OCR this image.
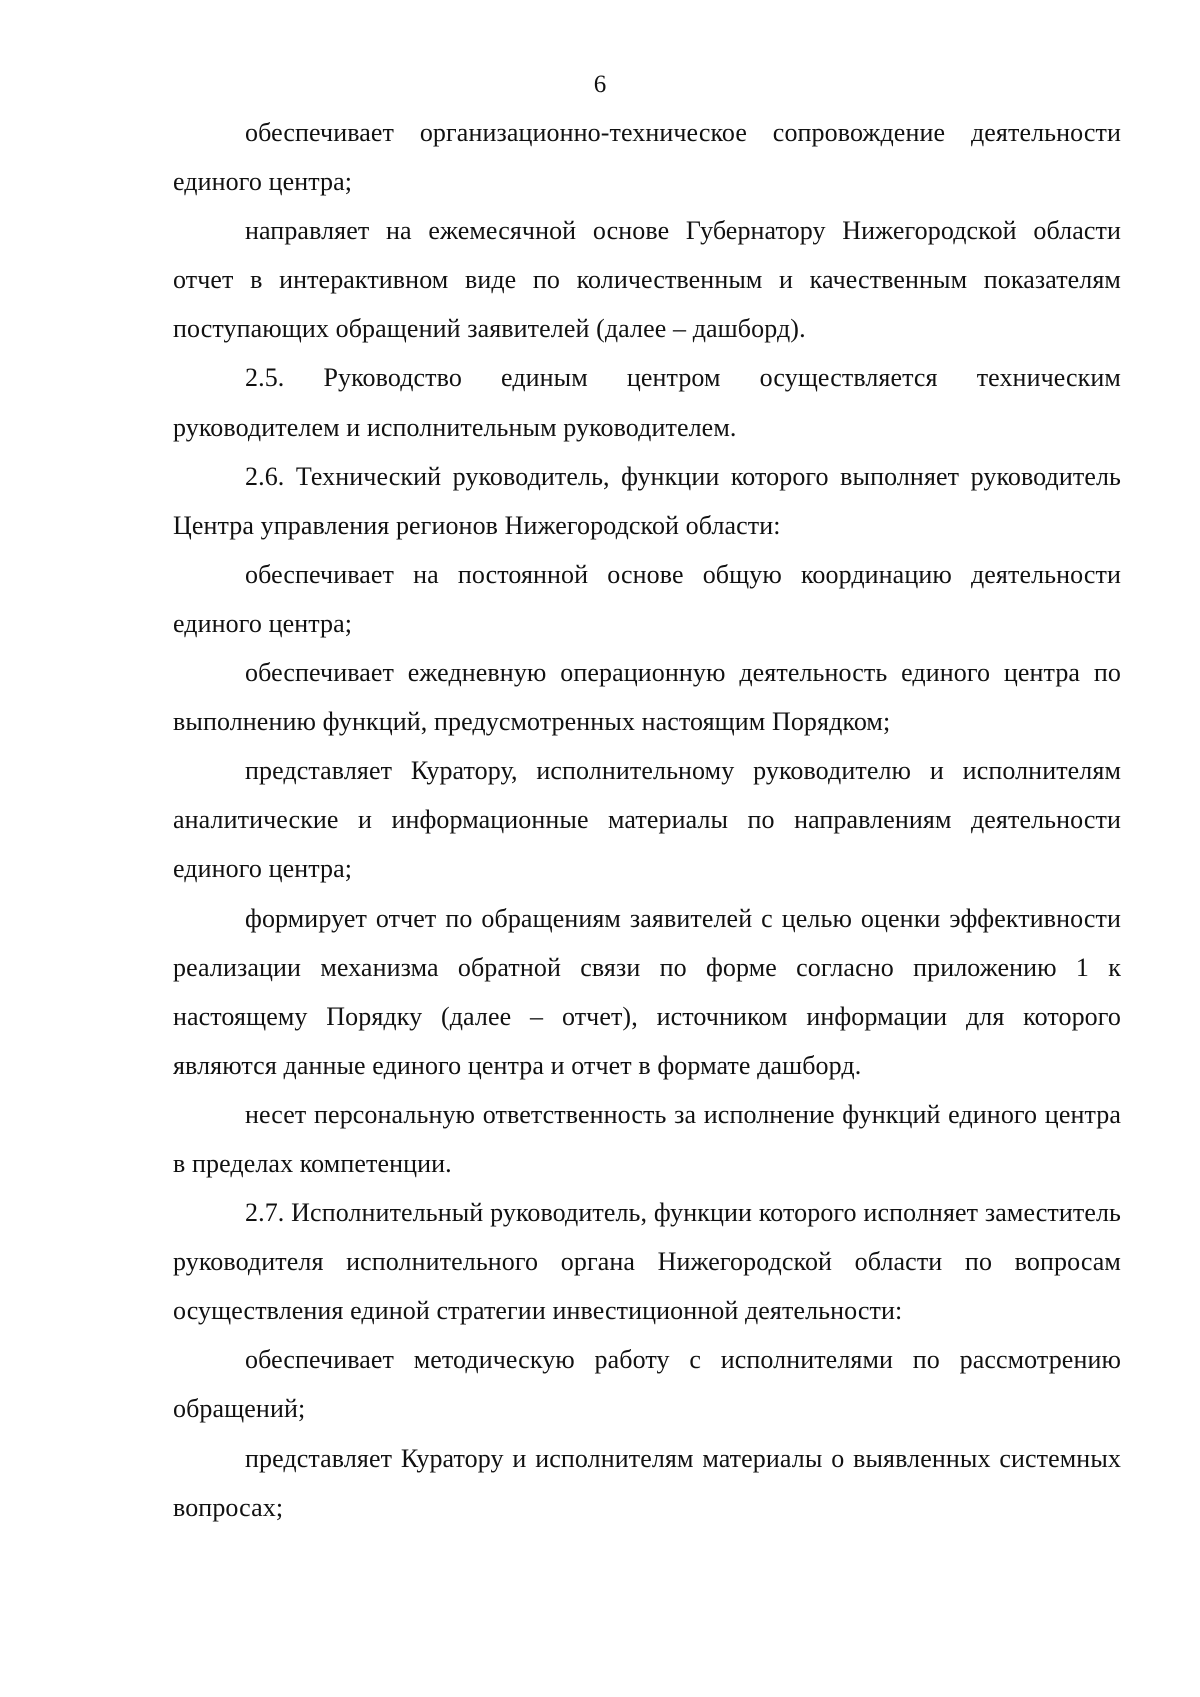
6

обеспечивает организационно-техническое сопровождение деятельности единого центра;

направляет на ежемесячной основе Губернатору Нижегородской области отчет в интерактивном виде по количественным и качественным показателям поступающих обращений заявителей (далее – дашборд).

2.5. Руководство единым центром осуществляется техническим руководителем и исполнительным руководителем.

2.6. Технический руководитель, функции которого выполняет руководитель Центра управления регионов Нижегородской области:

обеспечивает на постоянной основе общую координацию деятельности единого центра;

обеспечивает ежедневную операционную деятельность единого центра по выполнению функций, предусмотренных настоящим Порядком;

представляет Куратору, исполнительному руководителю и исполнителям аналитические и информационные материалы по направлениям деятельности единого центра;

формирует отчет по обращениям заявителей с целью оценки эффективности реализации механизма обратной связи по форме согласно приложению 1 к настоящему Порядку (далее – отчет), источником информации для которого являются данные единого центра и отчет в формате дашборд.

несет персональную ответственность за исполнение функций единого центра в пределах компетенции.

2.7. Исполнительный руководитель, функции которого исполняет заместитель руководителя исполнительного органа Нижегородской области по вопросам осуществления единой стратегии инвестиционной деятельности:

обеспечивает методическую работу с исполнителями по рассмотрению обращений;

представляет Куратору и исполнителям материалы о выявленных системных вопросах;
